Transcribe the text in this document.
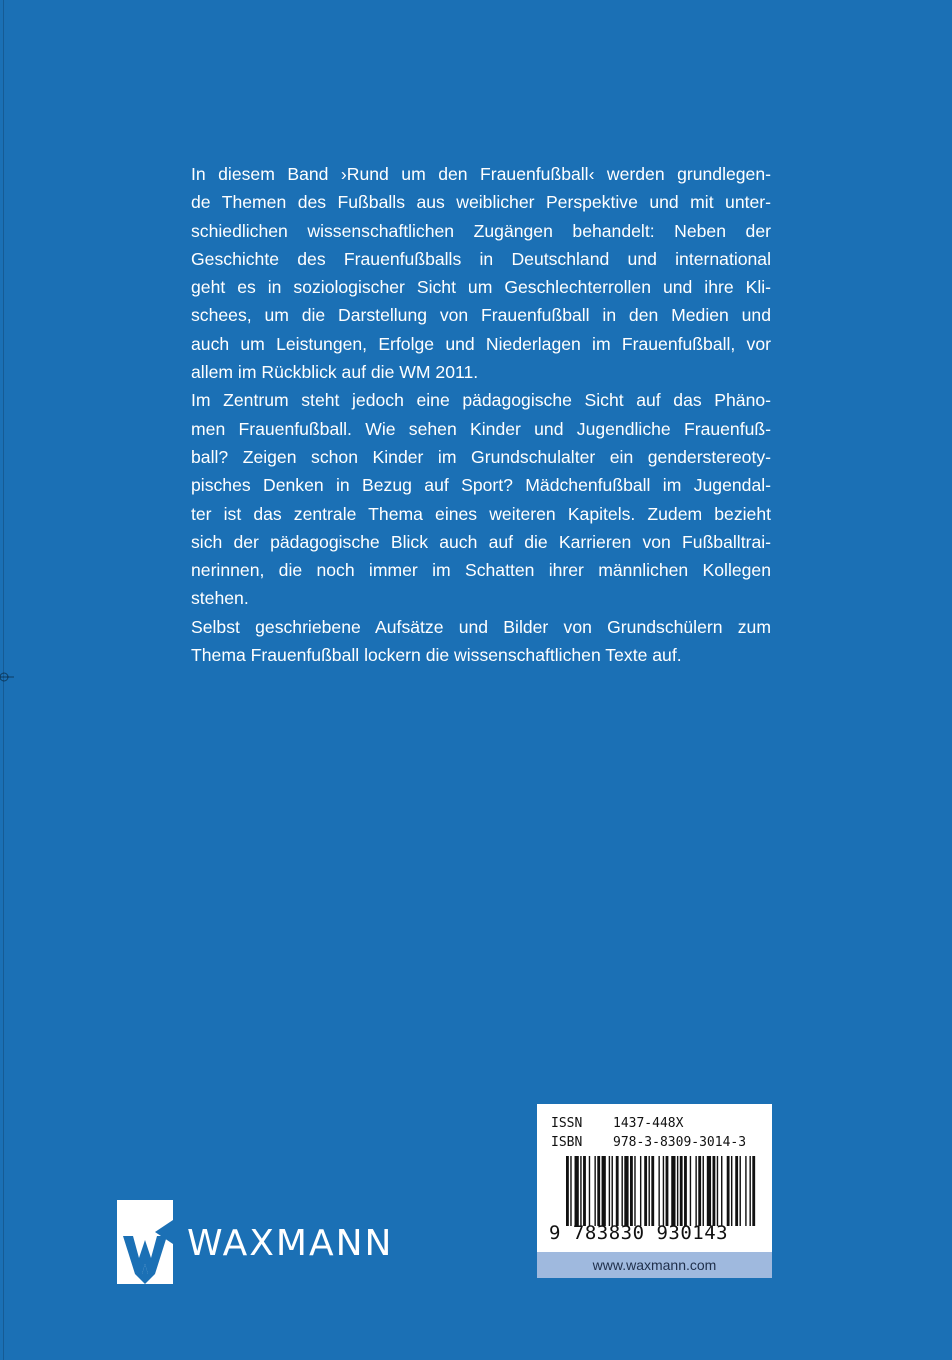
In diesem Band ›Rund um den Frauenfußball‹ werden grundlegen-
de Themen des Fußballs aus weiblicher Perspektive und mit unter-
schiedlichen wissenschaftlichen Zugängen behandelt: Neben der
Geschichte des Frauenfußballs in Deutschland und international
geht es in soziologischer Sicht um Geschlechterrollen und ihre Kli-
schees, um die Darstellung von Frauenfußball in den Medien und
auch um Leistungen, Erfolge und Niederlagen im Frauenfußball, vor
allem im Rückblick auf die WM 2011.
Im Zentrum steht jedoch eine pädagogische Sicht auf das Phäno-
men Frauenfußball. Wie sehen Kinder und Jugendliche Frauenfuß-
ball? Zeigen schon Kinder im Grundschulalter ein genderstereoty-
pisches Denken in Bezug auf Sport? Mädchenfußball im Jugendal-
ter ist das zentrale Thema eines weiteren Kapitels. Zudem bezieht
sich der pädagogische Blick auch auf die Karrieren von Fußballtrai-
nerinnen, die noch immer im Schatten ihrer männlichen Kollegen
stehen.
Selbst geschriebene Aufsätze und Bilder von Grundschülern zum
Thema Frauenfußball lockern die wissenschaftlichen Texte auf.
WAXMANN
ISSN	1437-448X
ISBN	978-3-8309-3014-3
9 783830 930143
www.waxmann.com
